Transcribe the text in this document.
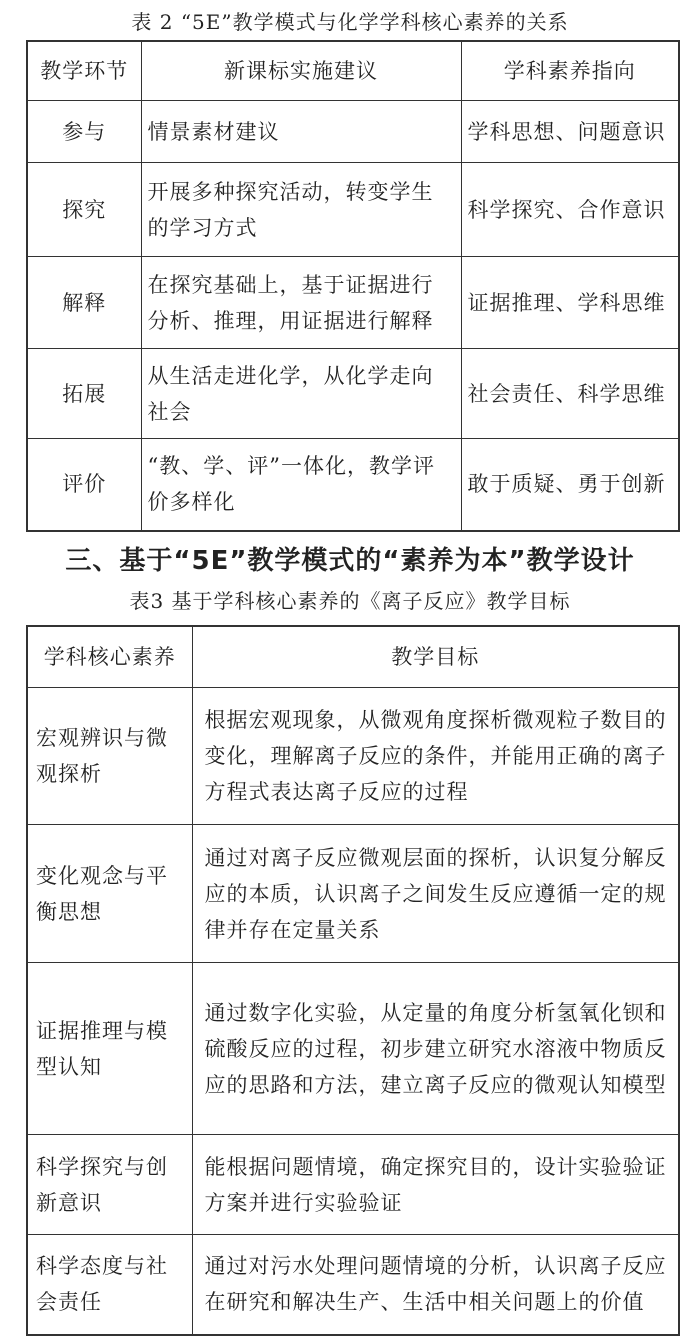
表 2 “5E”教学模式与化学学科核心素养的关系
教学环节	新课标实施建议	学科素养指向
参与	情景素材建议	学科思想、问题意识
探究	开展多种探究活动，转变学生的学习方式	科学探究、合作意识
解释	在探究基础上，基于证据进行分析、推理，用证据进行解释	证据推理、学科思维
拓展	从生活走进化学，从化学走向社会	社会责任、科学思维
评价	“教、学、评”一体化，教学评价多样化	敢于质疑、勇于创新
三、基于“5E”教学模式的“素养为本”教学设计
表3 基于学科核心素养的《离子反应》教学目标
学科核心素养	教学目标
宏观辨识与微观探析	根据宏观现象，从微观角度探析微观粒子数目的变化，理解离子反应的条件，并能用正确的离子方程式表达离子反应的过程
变化观念与平衡思想	通过对离子反应微观层面的探析，认识复分解反应的本质，认识离子之间发生反应遵循一定的规律并存在定量关系
证据推理与模型认知	通过数字化实验，从定量的角度分析氢氧化钡和硫酸反应的过程，初步建立研究水溶液中物质反应的思路和方法，建立离子反应的微观认知模型
科学探究与创新意识	能根据问题情境，确定探究目的，设计实验验证方案并进行实验验证
科学态度与社会责任	通过对污水处理问题情境的分析，认识离子反应在研究和解决生产、生活中相关问题上的价值
